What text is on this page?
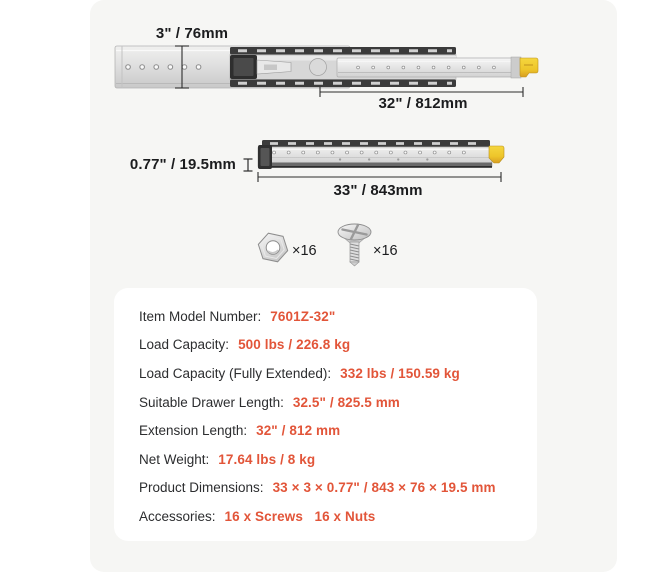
3" / 76mm
32" / 812mm
0.77" / 19.5mm
33" / 843mm
×16	×16
Item Model Number: 7601Z-32"
Load Capacity: 500 lbs / 226.8 kg
Load Capacity (Fully Extended): 332 lbs / 150.59 kg
Suitable Drawer Length: 32.5" / 825.5 mm
Extension Length: 32" / 812 mm
Net Weight: 17.64 lbs / 8 kg
Product Dimensions: 33 × 3 × 0.77" / 843 × 76 × 19.5 mm
Accessories: 16 x Screws   16 x Nuts
